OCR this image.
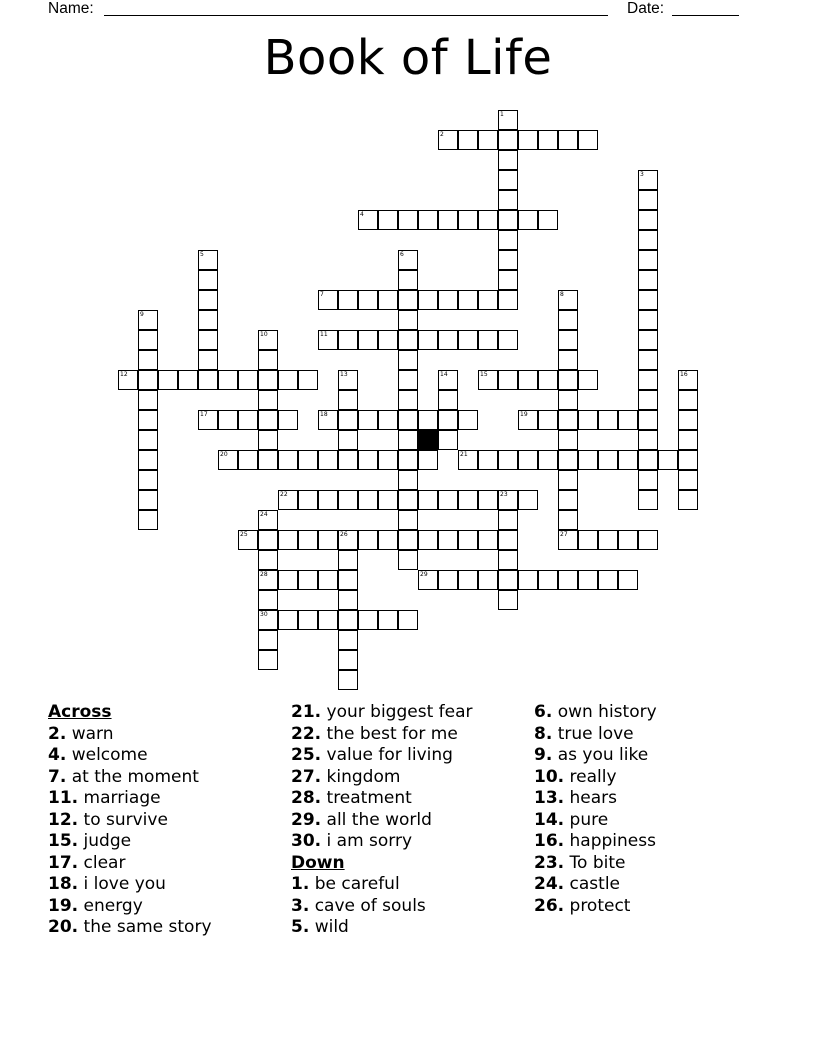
Name:	Date:
Book of Life
1
2
3
4
5	6
7	8
9
10	11
12	13	14	15	16
17	18	19
20	21
22	23
24
28
30
25	26	27
29
Across
2. warn
4. welcome
7. at the moment
11. marriage
12. to survive
15. judge
17. clear
18. i love you
19. energy
20. the same story
21. your biggest fear
22. the best for me
25. value for living
27. kingdom
28. treatment
29. all the world
30. i am sorry
Down
1. be careful
3. cave of souls
5. wild
6. own history
8. true love
9. as you like
10. really
13. hears
14. pure
16. happiness
23. To bite
24. castle
26. protect
